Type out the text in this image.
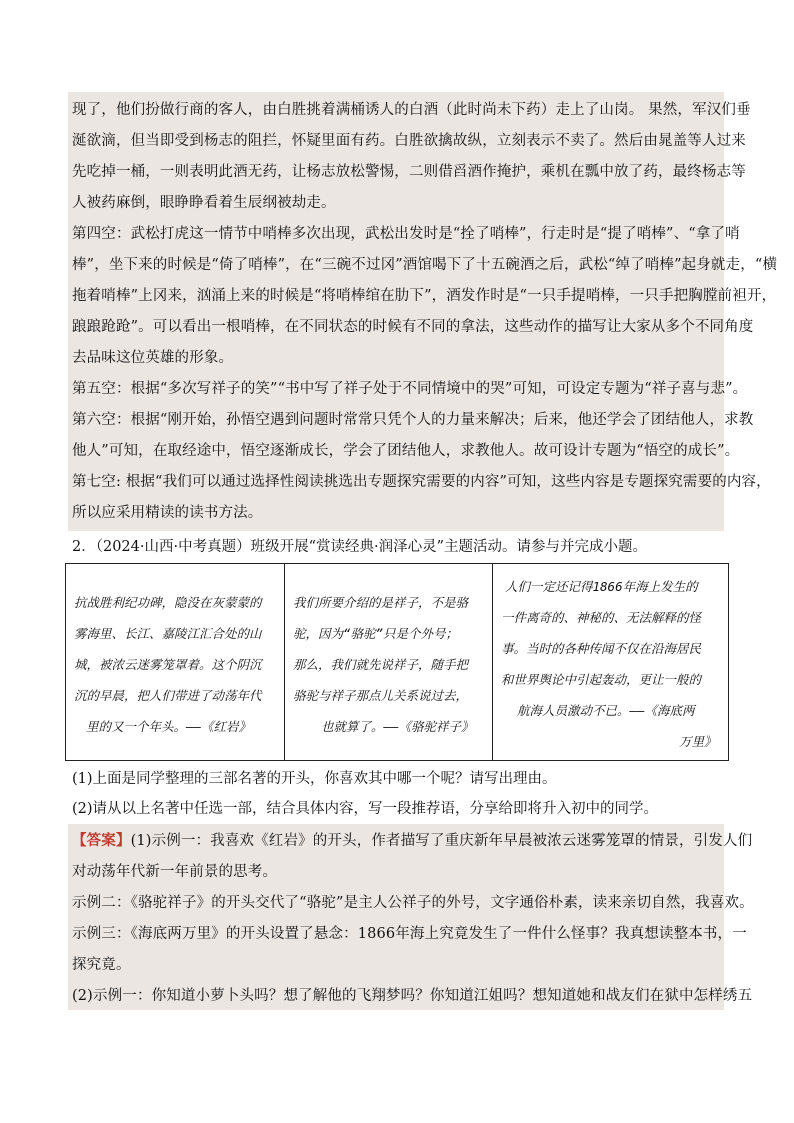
现了，他们扮做行商的客人，由白胜挑着满桶诱人的白酒（此时尚未下药）走上了山岗。 果然，军汉们垂
涎欲滴，但当即受到杨志的阻拦，怀疑里面有药。白胜欲擒故纵，立刻表示不卖了。然后由晁盖等人过来
先吃掉一桶，一则表明此酒无药，让杨志放松警惕，二则借舀酒作掩护，乘机在瓢中放了药，最终杨志等
人被药麻倒，眼睁睁看着生辰纲被劫走。
第四空：武松打虎这一情节中哨棒多次出现，武松出发时是“拴了哨棒”，行走时是“提了哨棒”、“拿了哨
棒”，坐下来的时候是“倚了哨棒”，在“三碗不过冈”酒馆喝下了十五碗酒之后，武松“绰了哨棒”起身就走，“横
拖着哨棒”上冈来，汹涌上来的时候是“将哨棒绾在肋下”，酒发作时是“一只手提哨棒，一只手把胸膛前袒开，
踉踉跄跄”。可以看出一根哨棒，在不同状态的时候有不同的拿法，这些动作的描写让大家从多个不同角度
去品味这位英雄的形象。
第五空：根据“多次写祥子的笑”“书中写了祥子处于不同情境中的哭”可知，可设定专题为“祥子喜与悲”。
第六空：根据“刚开始，孙悟空遇到问题时常常只凭个人的力量来解决；后来，他还学会了团结他人，求教
他人”可知，在取经途中，悟空逐渐成长，学会了团结他人，求教他人。故可设计专题为“悟空的成长”。
第七空: 根据“我们可以通过选择性阅读挑选出专题探究需要的内容”可知，这些内容是专题探究需要的内容，
所以应采用精读的读书方法。
2．（2024·山西·中考真题）班级开展“赏读经典·润泽心灵”主题活动。请参与并完成小题。
抗战胜利纪功碑，隐没在灰蒙蒙的
雾海里、长江、嘉陵江汇合处的山
城，被浓云迷雾笼罩着。这个阴沉
沉的早晨，把人们带进了动荡年代
里的又一个年头。——《红岩》
我们所要介绍的是祥子，不是骆
驼，因为“骆驼”只是个外号；
那么，我们就先说祥子，随手把
骆驼与祥子那点儿关系说过去，
也就算了。——《骆驼祥子》
人们一定还记得1866年海上发生的
一件离奇的、神秘的、无法解释的怪
事。当时的各种传闻不仅在沿海居民
和世界舆论中引起轰动，更让一般的
航海人员激动不已。——《海底两
万里》
(1)上面是同学整理的三部名著的开头，你喜欢其中哪一个呢？请写出理由。
(2)请从以上名著中任选一部，结合具体内容，写一段推荐语，分享给即将升入初中的同学。
【答案】(1)示例一：我喜欢《红岩》的开头，作者描写了重庆新年早晨被浓云迷雾笼罩的情景，引发人们
对动荡年代新一年前景的思考。
示例二：《骆驼祥子》的开头交代了“骆驼”是主人公祥子的外号，文字通俗朴素，读来亲切自然，我喜欢。
示例三：《海底两万里》的开头设置了悬念：1866年海上究竟发生了一件什么怪事？我真想读整本书，一
探究竟。
(2)示例一：你知道小萝卜头吗？想了解他的飞翔梦吗？你知道江姐吗？想知道她和战友们在狱中怎样绣五
